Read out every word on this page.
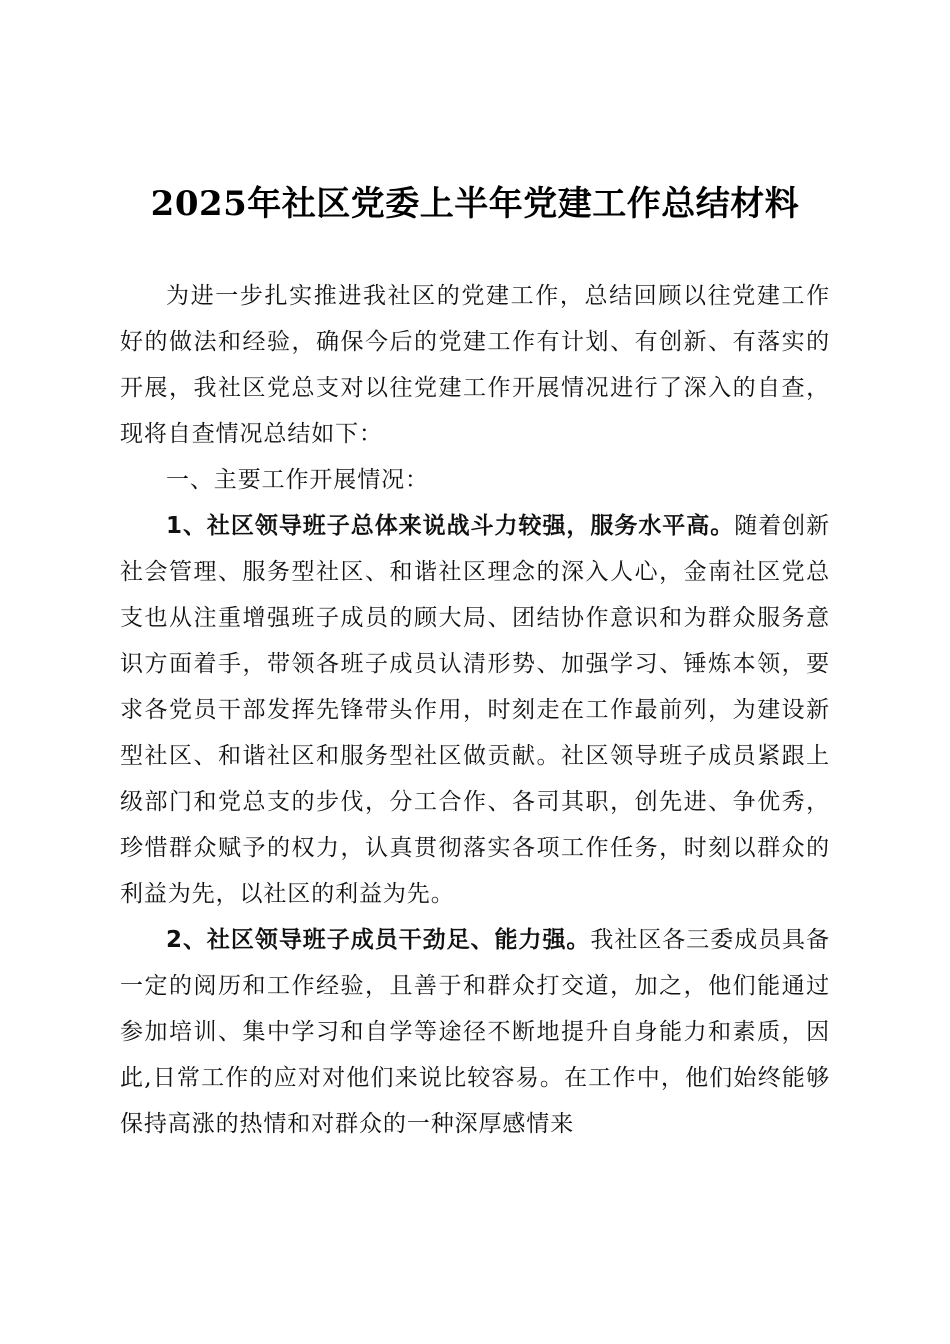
2025年社区党委上半年党建工作总结材料

为进一步扎实推进我社区的党建工作，总结回顾以往党建工作好的做法和经验，确保今后的党建工作有计划、有创新、有落实的开展，我社区党总支对以往党建工作开展情况进行了深入的自查，现将自查情况总结如下：

一、主要工作开展情况：

1、社区领导班子总体来说战斗力较强，服务水平高。随着创新社会管理、服务型社区、和谐社区理念的深入人心，金南社区党总支也从注重增强班子成员的顾大局、团结协作意识和为群众服务意识方面着手，带领各班子成员认清形势、加强学习、锤炼本领，要求各党员干部发挥先锋带头作用，时刻走在工作最前列，为建设新型社区、和谐社区和服务型社区做贡献。社区领导班子成员紧跟上级部门和党总支的步伐，分工合作、各司其职，创先进、争优秀，珍惜群众赋予的权力，认真贯彻落实各项工作任务，时刻以群众的利益为先，以社区的利益为先。

2、社区领导班子成员干劲足、能力强。我社区各三委成员具备一定的阅历和工作经验，且善于和群众打交道，加之，他们能通过参加培训、集中学习和自学等途径不断地提升自身能力和素质，因此,日常工作的应对对他们来说比较容易。在工作中，他们始终能够保持高涨的热情和对群众的一种深厚感情来
